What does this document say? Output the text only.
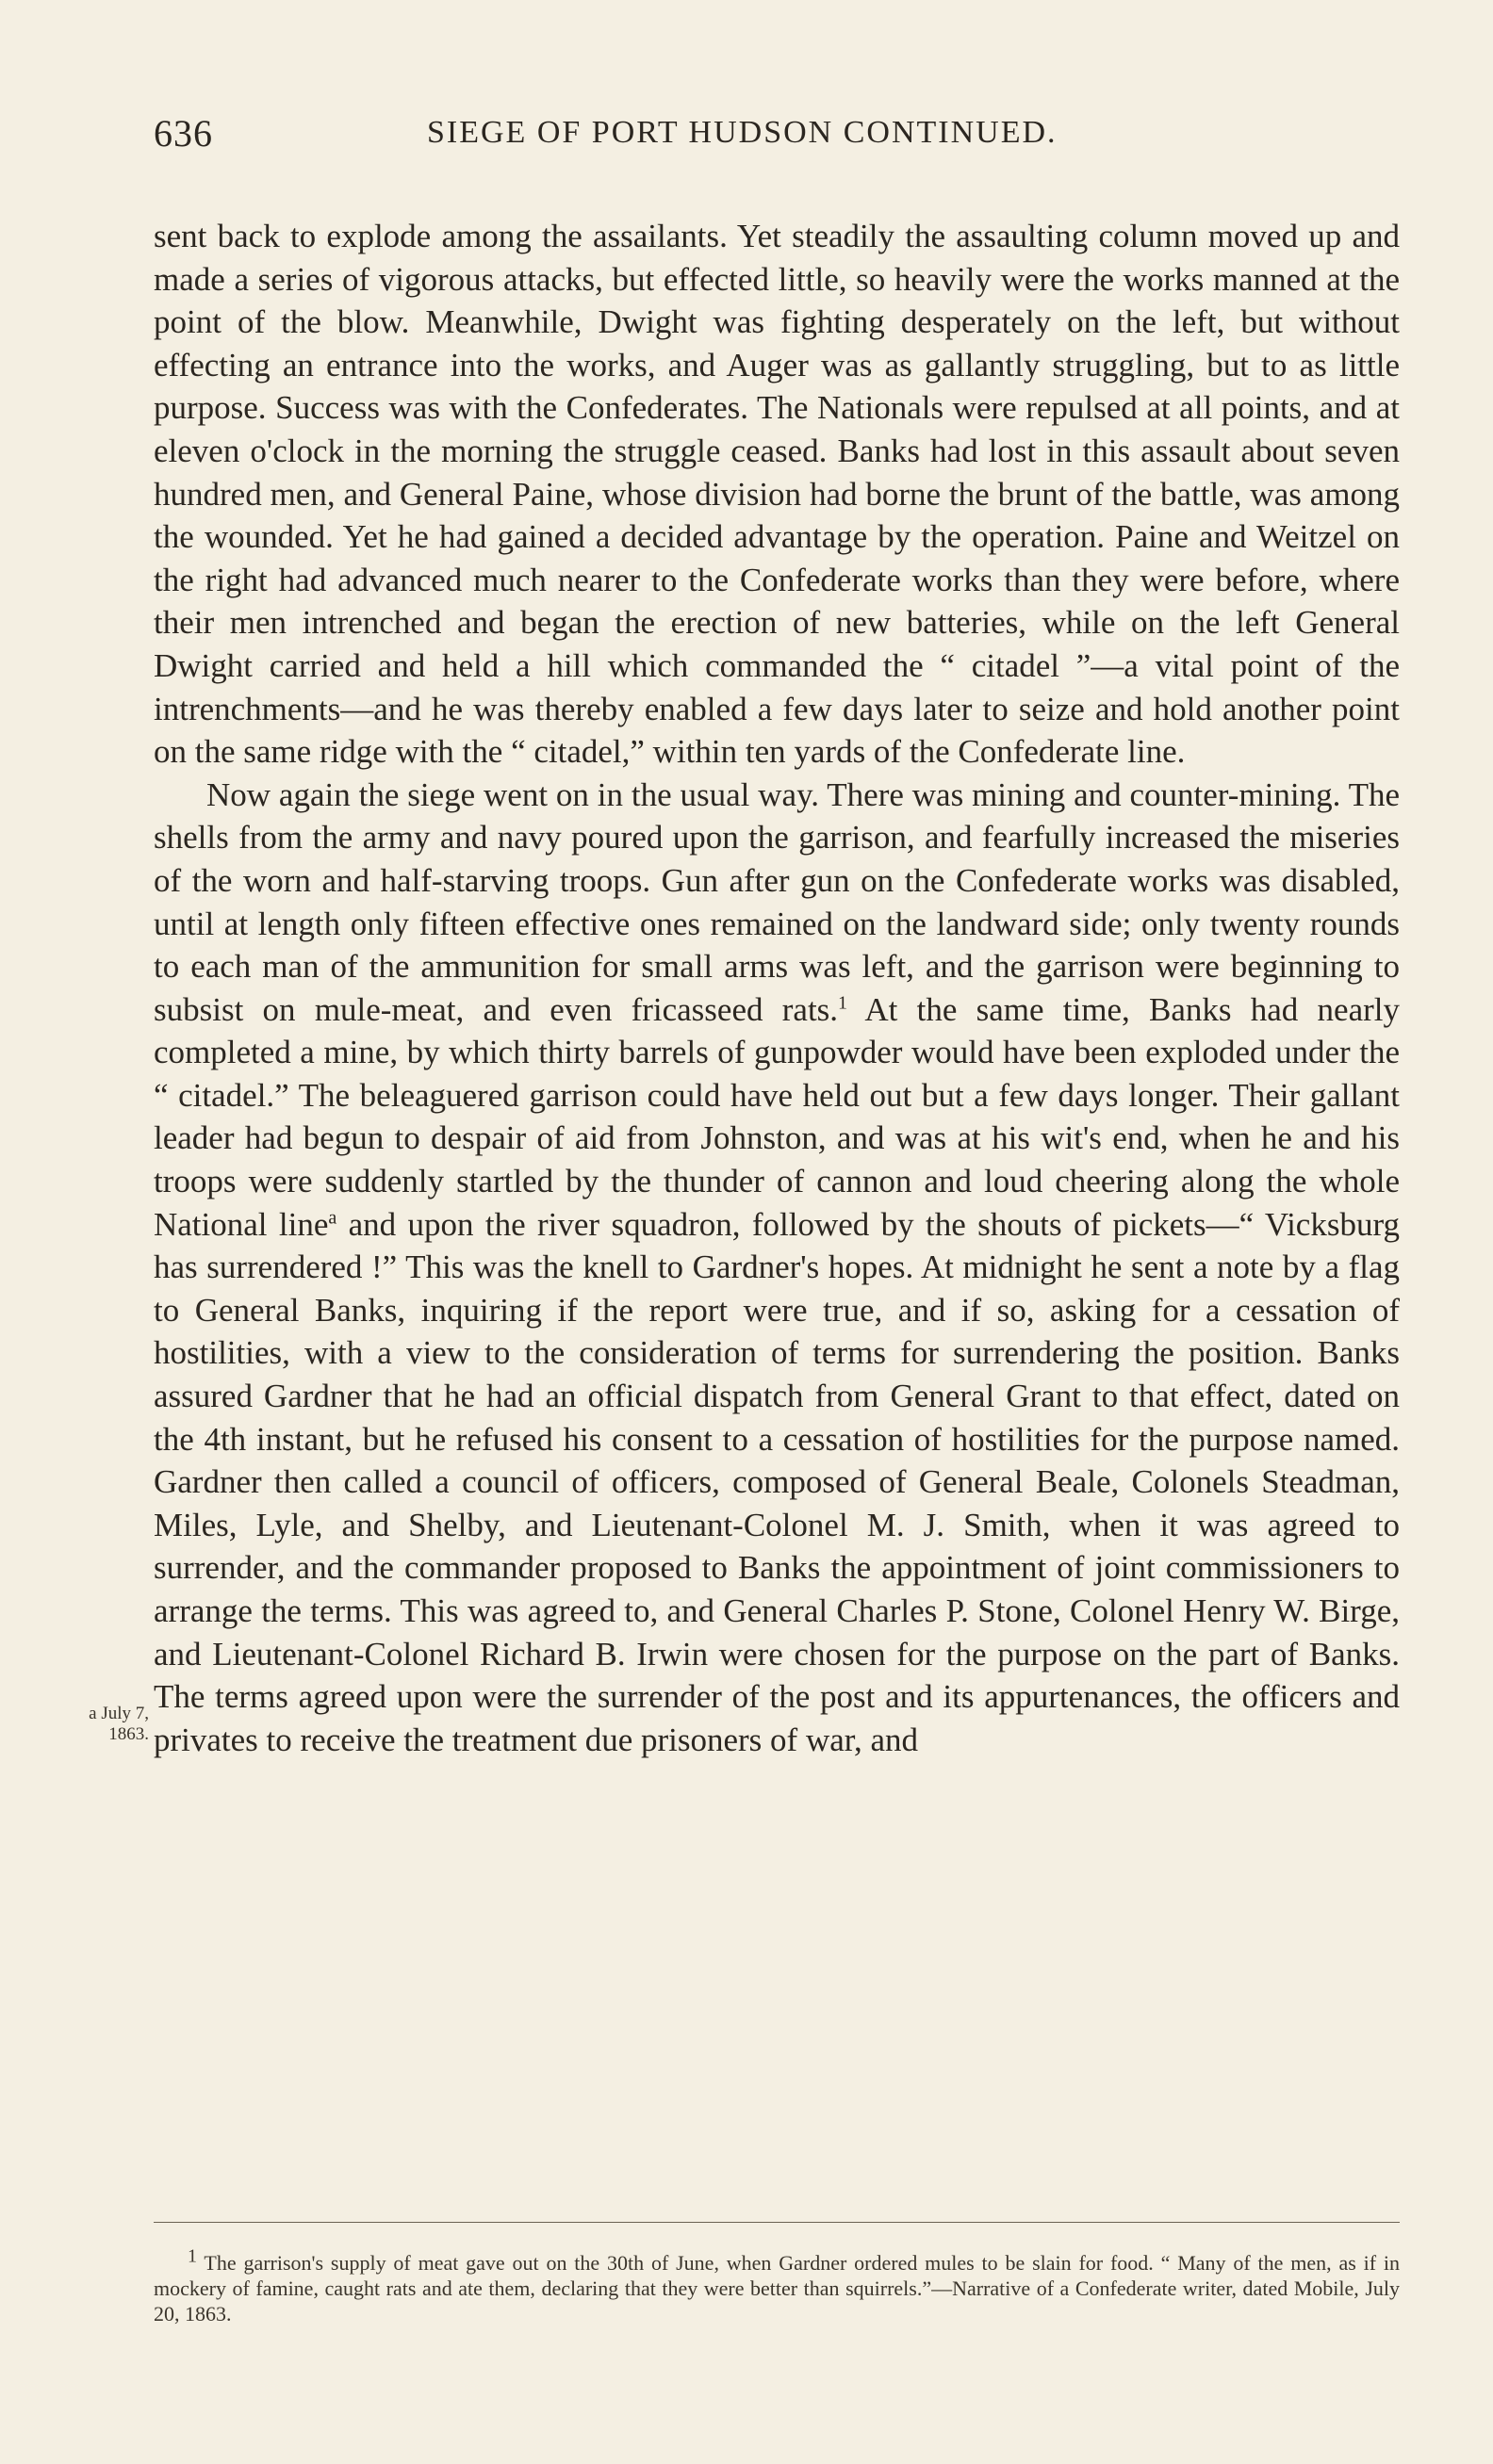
636	SIEGE OF PORT HUDSON CONTINUED.

sent back to explode among the assailants. Yet steadily the assaulting column moved up and made a series of vigorous attacks, but effected little, so heavily were the works manned at the point of the blow. Meanwhile, Dwight was fighting desperately on the left, but without effecting an entrance into the works, and Auger was as gallantly struggling, but to as little purpose. Success was with the Confederates. The Nationals were repulsed at all points, and at eleven o'clock in the morning the struggle ceased. Banks had lost in this assault about seven hundred men, and General Paine, whose division had borne the brunt of the battle, was among the wounded. Yet he had gained a decided advantage by the operation. Paine and Weitzel on the right had advanced much nearer to the Confederate works than they were before, where their men intrenched and began the erection of new batteries, while on the left General Dwight carried and held a hill which commanded the “ citadel ”—a vital point of the intrenchments—and he was thereby enabled a few days later to seize and hold another point on the same ridge with the “ citadel,” within ten yards of the Confederate line.

Now again the siege went on in the usual way. There was mining and counter-mining. The shells from the army and navy poured upon the garrison, and fearfully increased the miseries of the worn and half-starving troops. Gun after gun on the Confederate works was disabled, until at length only fifteen effective ones remained on the landward side; only twenty rounds to each man of the ammunition for small arms was left, and the garrison were beginning to subsist on mule-meat, and even fricasseed rats.$^1$ At the same time, Banks had nearly completed a mine, by which thirty barrels of gunpowder would have been exploded under the “ citadel.” The beleaguered garrison could have held out but a few days longer. Their gallant leader had begun to despair of aid from Johnston, and was at his wit's end, when he and his troops were suddenly startled by the thunder of cannon and loud cheering along the whole National line$^a$ and upon the river squadron, followed by the shouts of pickets—“ Vicksburg has surrendered !” This was the knell to Gardner's hopes. At midnight he sent a note by a flag to General Banks, inquiring if the report were true, and if so, asking for a cessation of hostilities, with a view to the consideration of terms for surrendering the position. Banks assured Gardner that he had an official dispatch from General Grant to that effect, dated on the 4th instant, but he refused his consent to a cessation of hostilities for the purpose named. Gardner then called a council of officers, composed of General Beale, Colonels Steadman, Miles, Lyle, and Shelby, and Lieutenant-Colonel M. J. Smith, when it was agreed to surrender, and the commander proposed to Banks the appointment of joint commissioners to arrange the terms. This was agreed to, and General Charles P. Stone, Colonel Henry W. Birge, and Lieutenant-Colonel Richard B. Irwin were chosen for the purpose on the part of Banks. The terms agreed upon were the surrender of the post and its appurtenances, the officers and privates to receive the treatment due prisoners of war, and

a July 7,
1863.

1 The garrison's supply of meat gave out on the 30th of June, when Gardner ordered mules to be slain for food. “ Many of the men, as if in mockery of famine, caught rats and ate them, declaring that they were better than squirrels.”—Narrative of a Confederate writer, dated Mobile, July 20, 1863.
